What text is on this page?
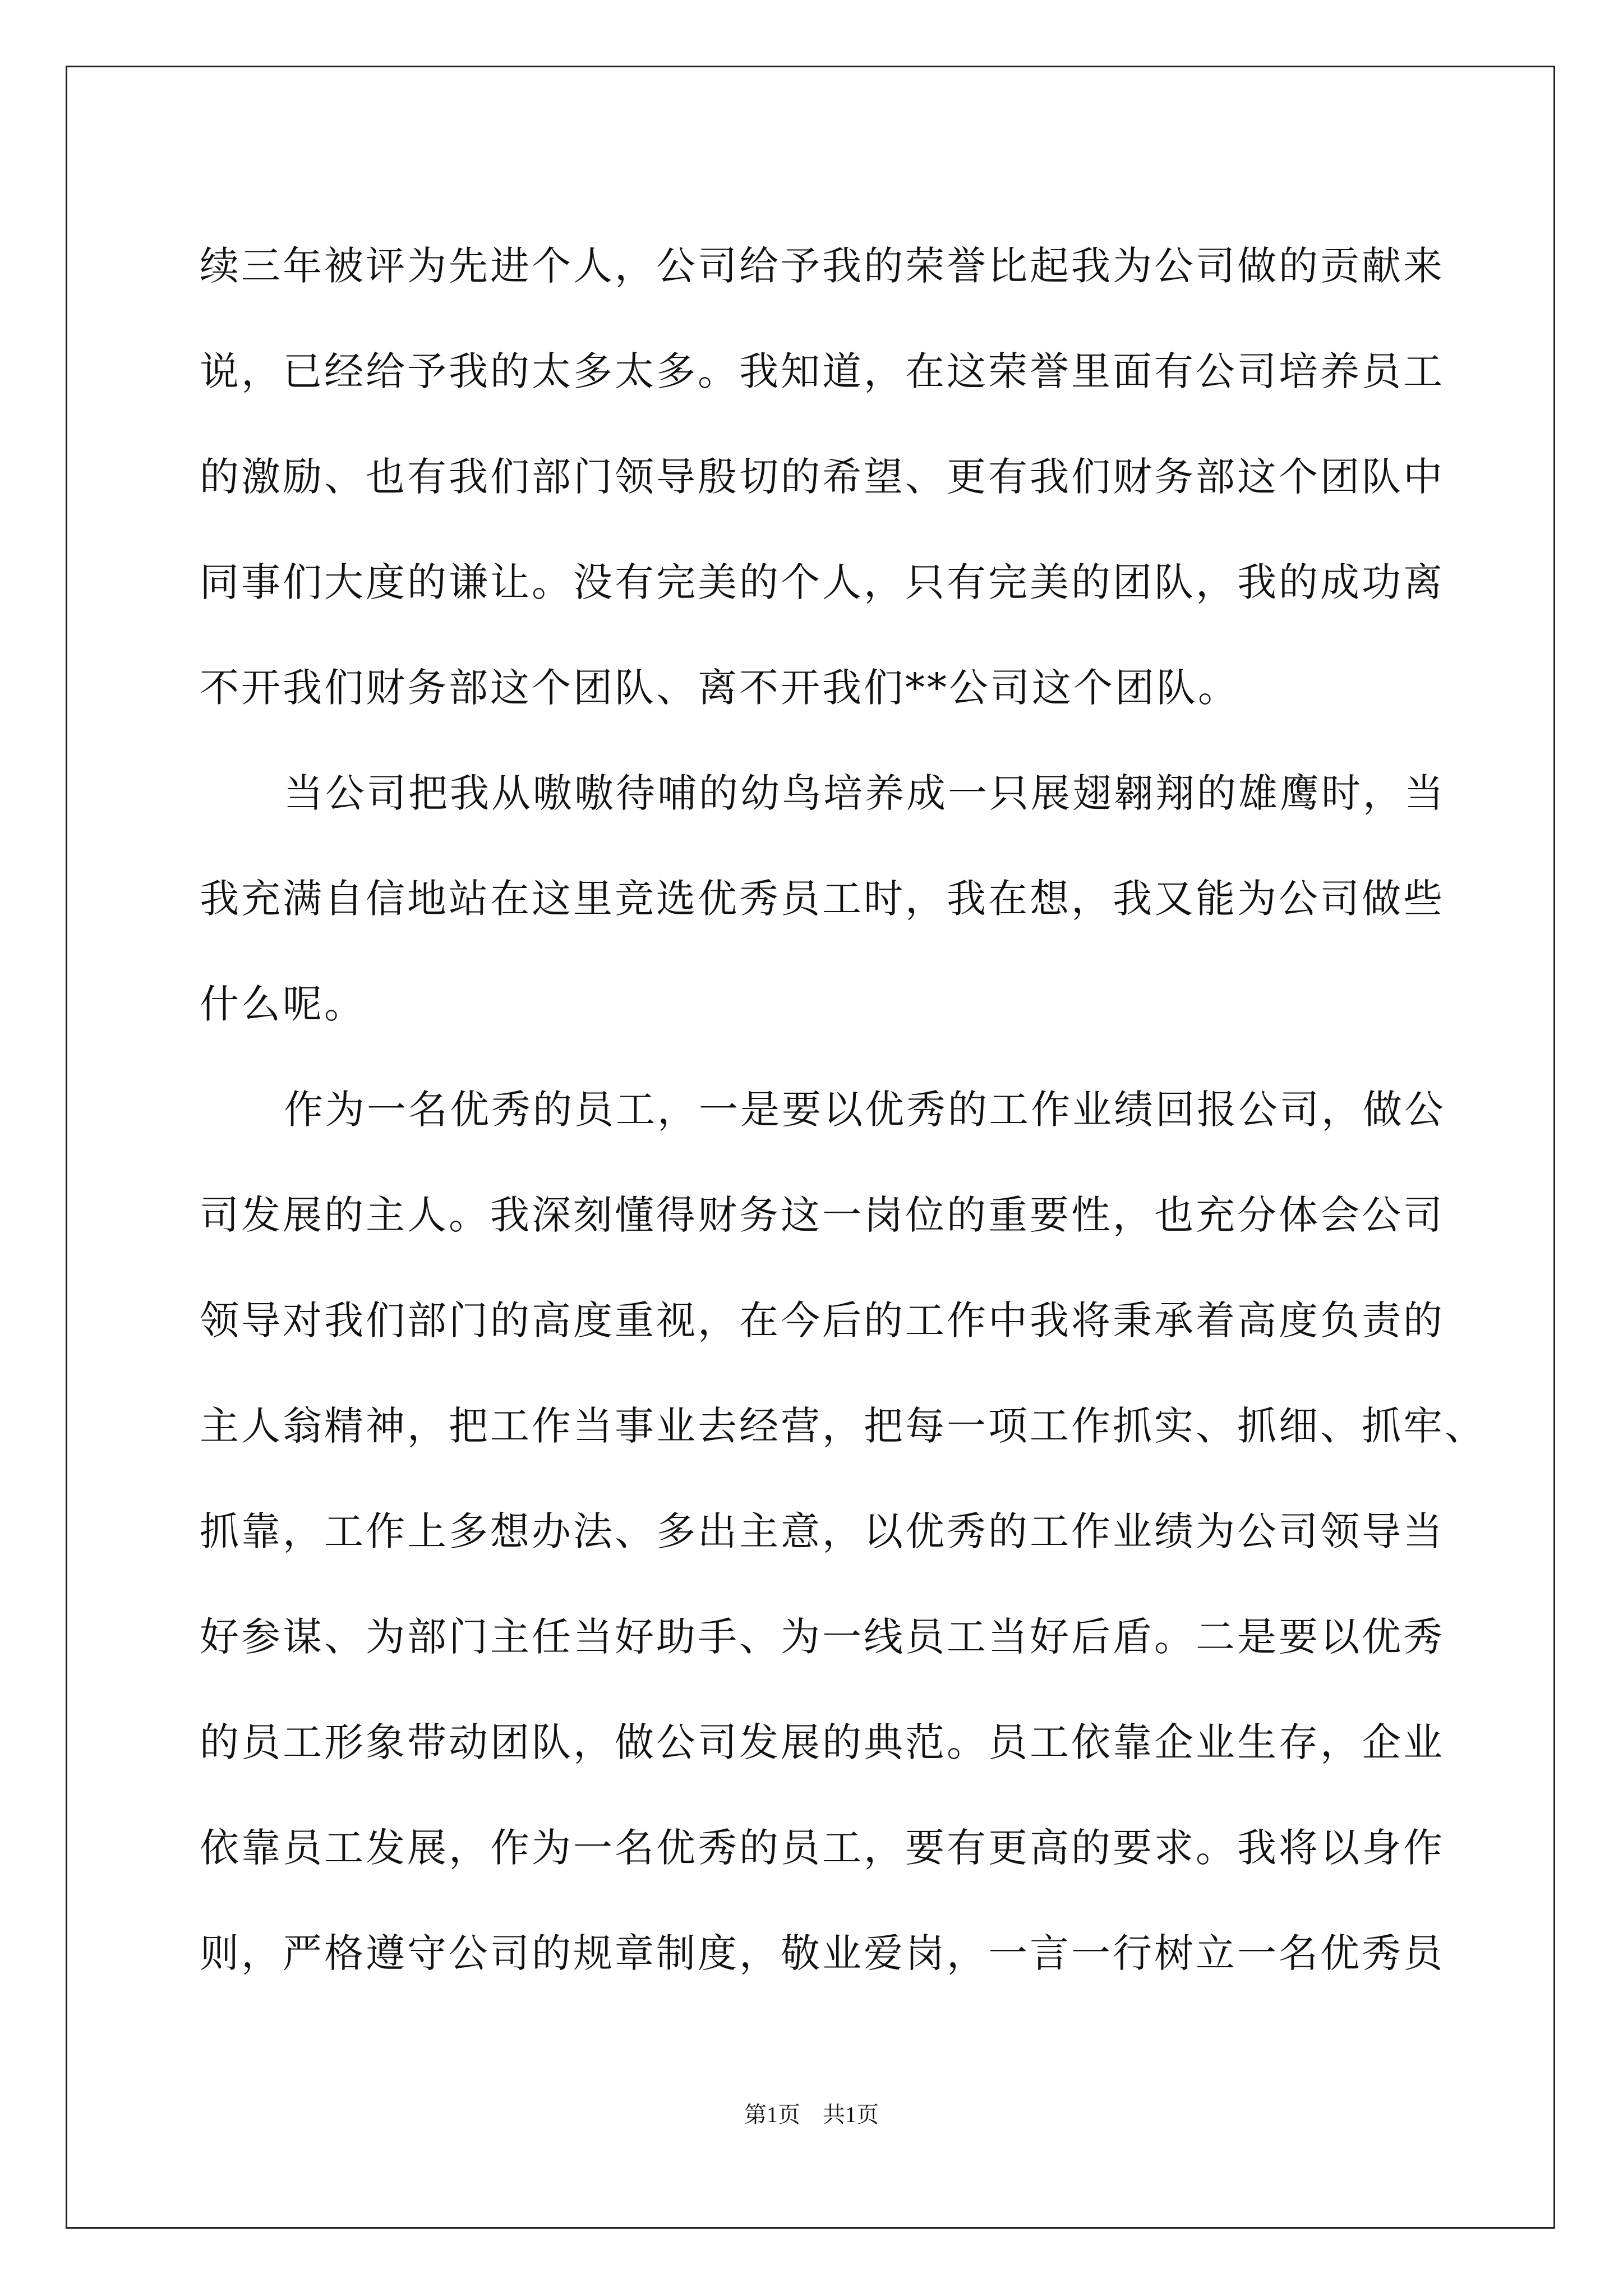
续三年被评为先进个人，公司给予我的荣誉比起我为公司做的贡献来
说，已经给予我的太多太多。我知道，在这荣誉里面有公司培养员工
的激励、也有我们部门领导殷切的希望、更有我们财务部这个团队中
同事们大度的谦让。没有完美的个人，只有完美的团队，我的成功离
不开我们财务部这个团队、离不开我们**公司这个团队。
当公司把我从嗷嗷待哺的幼鸟培养成一只展翅翱翔的雄鹰时，当
我充满自信地站在这里竞选优秀员工时，我在想，我又能为公司做些
什么呢。
作为一名优秀的员工，一是要以优秀的工作业绩回报公司，做公
司发展的主人。我深刻懂得财务这一岗位的重要性，也充分体会公司
领导对我们部门的高度重视，在今后的工作中我将秉承着高度负责的
主人翁精神，把工作当事业去经营，把每一项工作抓实、抓细、抓牢、
抓靠，工作上多想办法、多出主意，以优秀的工作业绩为公司领导当
好参谋、为部门主任当好助手、为一线员工当好后盾。二是要以优秀
的员工形象带动团队，做公司发展的典范。员工依靠企业生存，企业
依靠员工发展，作为一名优秀的员工，要有更高的要求。我将以身作
则，严格遵守公司的规章制度，敬业爱岗，一言一行树立一名优秀员
第1页 共1页
